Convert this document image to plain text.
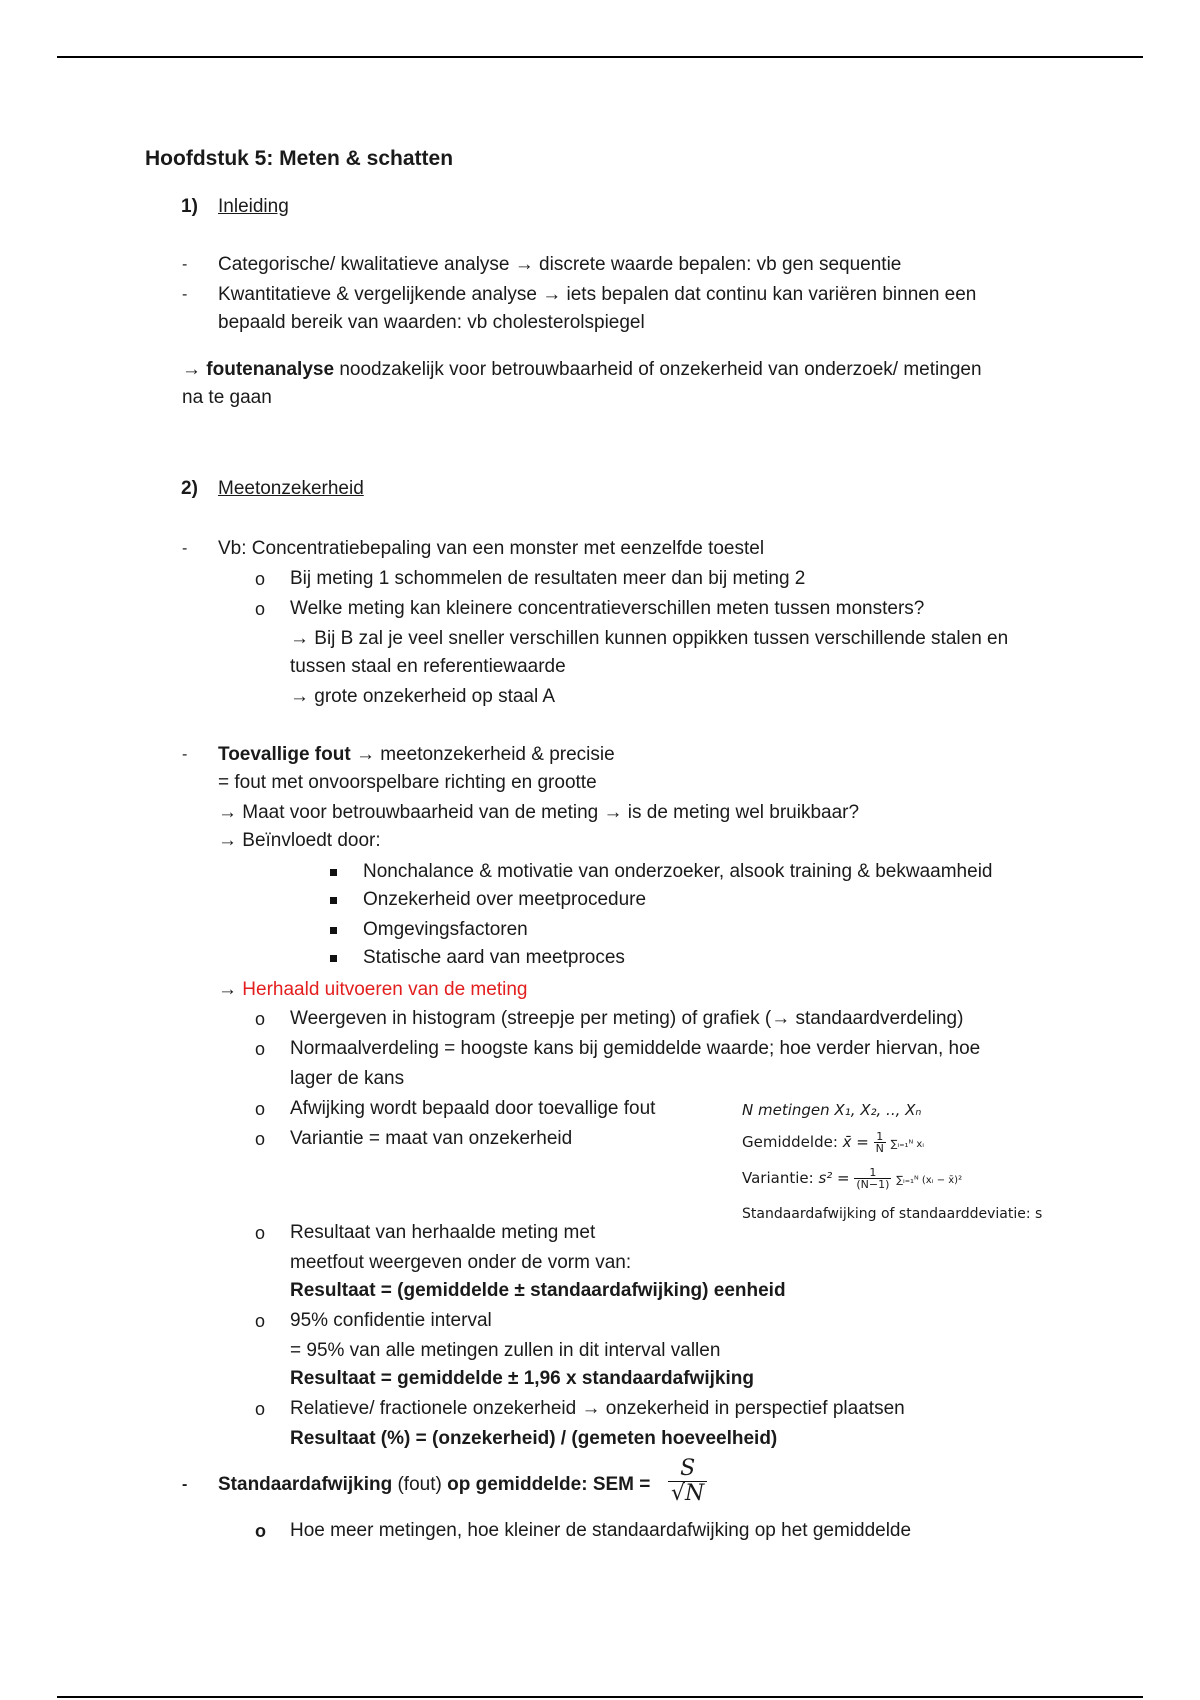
Hoofdstuk 5: Meten & schatten
1) Inleiding
- Categorische/ kwalitatieve analyse → discrete waarde bepalen: vb gen sequentie
- Kwantitatieve & vergelijkende analyse → iets bepalen dat continu kan variëren binnen een
bepaald bereik van waarden: vb cholesterolspiegel
→ foutenanalyse noodzakelijk voor betrouwbaarheid of onzekerheid van onderzoek/ metingen
na te gaan
2) Meetonzekerheid
- Vb: Concentratiebepaling van een monster met eenzelfde toestel
o Bij meting 1 schommelen de resultaten meer dan bij meting 2
o Welke meting kan kleinere concentratieverschillen meten tussen monsters?
→ Bij B zal je veel sneller verschillen kunnen oppikken tussen verschillende stalen en
tussen staal en referentiewaarde
→ grote onzekerheid op staal A
- Toevallige fout → meetonzekerheid & precisie
= fout met onvoorspelbare richting en grootte
→ Maat voor betrouwbaarheid van de meting → is de meting wel bruikbaar?
→ Beïnvloedt door:
Nonchalance & motivatie van onderzoeker, alsook training & bekwaamheid
Onzekerheid over meetprocedure
Omgevingsfactoren
Statische aard van meetproces
→ Herhaald uitvoeren van de meting
o Weergeven in histogram (streepje per meting) of grafiek (→ standaardverdeling)
o Normaalverdeling = hoogste kans bij gemiddelde waarde; hoe verder hiervan, hoe
lager de kans
o Afwijking wordt bepaald door toevallige fout
o Variantie = maat van onzekerheid
N metingen X₁, X₂, .., Xₙ
Gemiddelde: x̄ = $\frac{1}{N}$ ∑ᵢ₌₁ᴺ xᵢ
Variantie: $s^2 = \frac{1}{(N-1)}$ ∑ᵢ₌₁ᴺ (xᵢ − x̄)²
Standaardafwijking of standaarddeviatie: s
o Resultaat van herhaalde meting met
meetfout weergeven onder de vorm van:
Resultaat = (gemiddelde ± standaardafwijking) eenheid
o 95% confidentie interval
= 95% van alle metingen zullen in dit interval vallen
Resultaat = gemiddelde ± 1,96 x standaardafwijking
o Relatieve/ fractionele onzekerheid → onzekerheid in perspectief plaatsen
Resultaat (%) = (onzekerheid) / (gemeten hoeveelheid)
- Standaardafwijking (fout) op gemiddelde: SEM = $\frac{S}{√N}$
o Hoe meer metingen, hoe kleiner de standaardafwijking op het gemiddelde
